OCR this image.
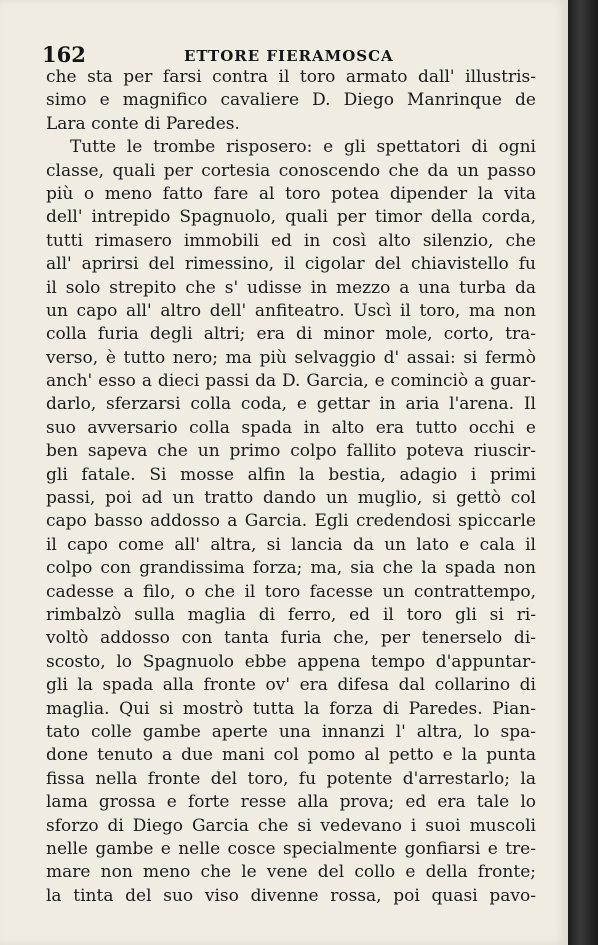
162	ETTORE FIERAMOSCA
che sta per farsi contra il toro armato dall' illustris-
simo e magnifico cavaliere D. Diego Manrinque de
Lara conte di Paredes.
Tutte le trombe risposero: e gli spettatori di ogni
classe, quali per cortesia conoscendo che da un passo
più o meno fatto fare al toro potea dipender la vita
dell' intrepido Spagnuolo, quali per timor della corda,
tutti rimasero immobili ed in così alto silenzio, che
all' aprirsi del rimessino, il cigolar del chiavistello fu
il solo strepito che s' udisse in mezzo a una turba da
un capo all' altro dell' anfiteatro. Uscì il toro, ma non
colla furia degli altri; era di minor mole, corto, tra-
verso, è tutto nero; ma più selvaggio d' assai: si fermò
anch' esso a dieci passi da D. Garcia, e cominciò a guar-
darlo, sferzarsi colla coda, e gettar in aria l'arena. Il
suo avversario colla spada in alto era tutto occhi e
ben sapeva che un primo colpo fallito poteva riuscir-
gli fatale. Si mosse alfin la bestia, adagio i primi
passi, poi ad un tratto dando un muglio, si gettò col
capo basso addosso a Garcia. Egli credendosi spiccarle
il capo come all' altra, si lancia da un lato e cala il
colpo con grandissima forza; ma, sia che la spada non
cadesse a filo, o che il toro facesse un contrattempo,
rimbalzò sulla maglia di ferro, ed il toro gli si ri-
voltò addosso con tanta furia che, per tenerselo di-
scosto, lo Spagnuolo ebbe appena tempo d'appuntar-
gli la spada alla fronte ov' era difesa dal collarino di
maglia. Qui si mostrò tutta la forza di Paredes. Pian-
tato colle gambe aperte una innanzi l' altra, lo spa-
done tenuto a due mani col pomo al petto e la punta
fissa nella fronte del toro, fu potente d'arrestarlo; la
lama grossa e forte resse alla prova; ed era tale lo
sforzo di Diego Garcia che si vedevano i suoi muscoli
nelle gambe e nelle cosce specialmente gonfiarsi e tre-
mare non meno che le vene del collo e della fronte;
la tinta del suo viso divenne rossa, poi quasi pavo-
